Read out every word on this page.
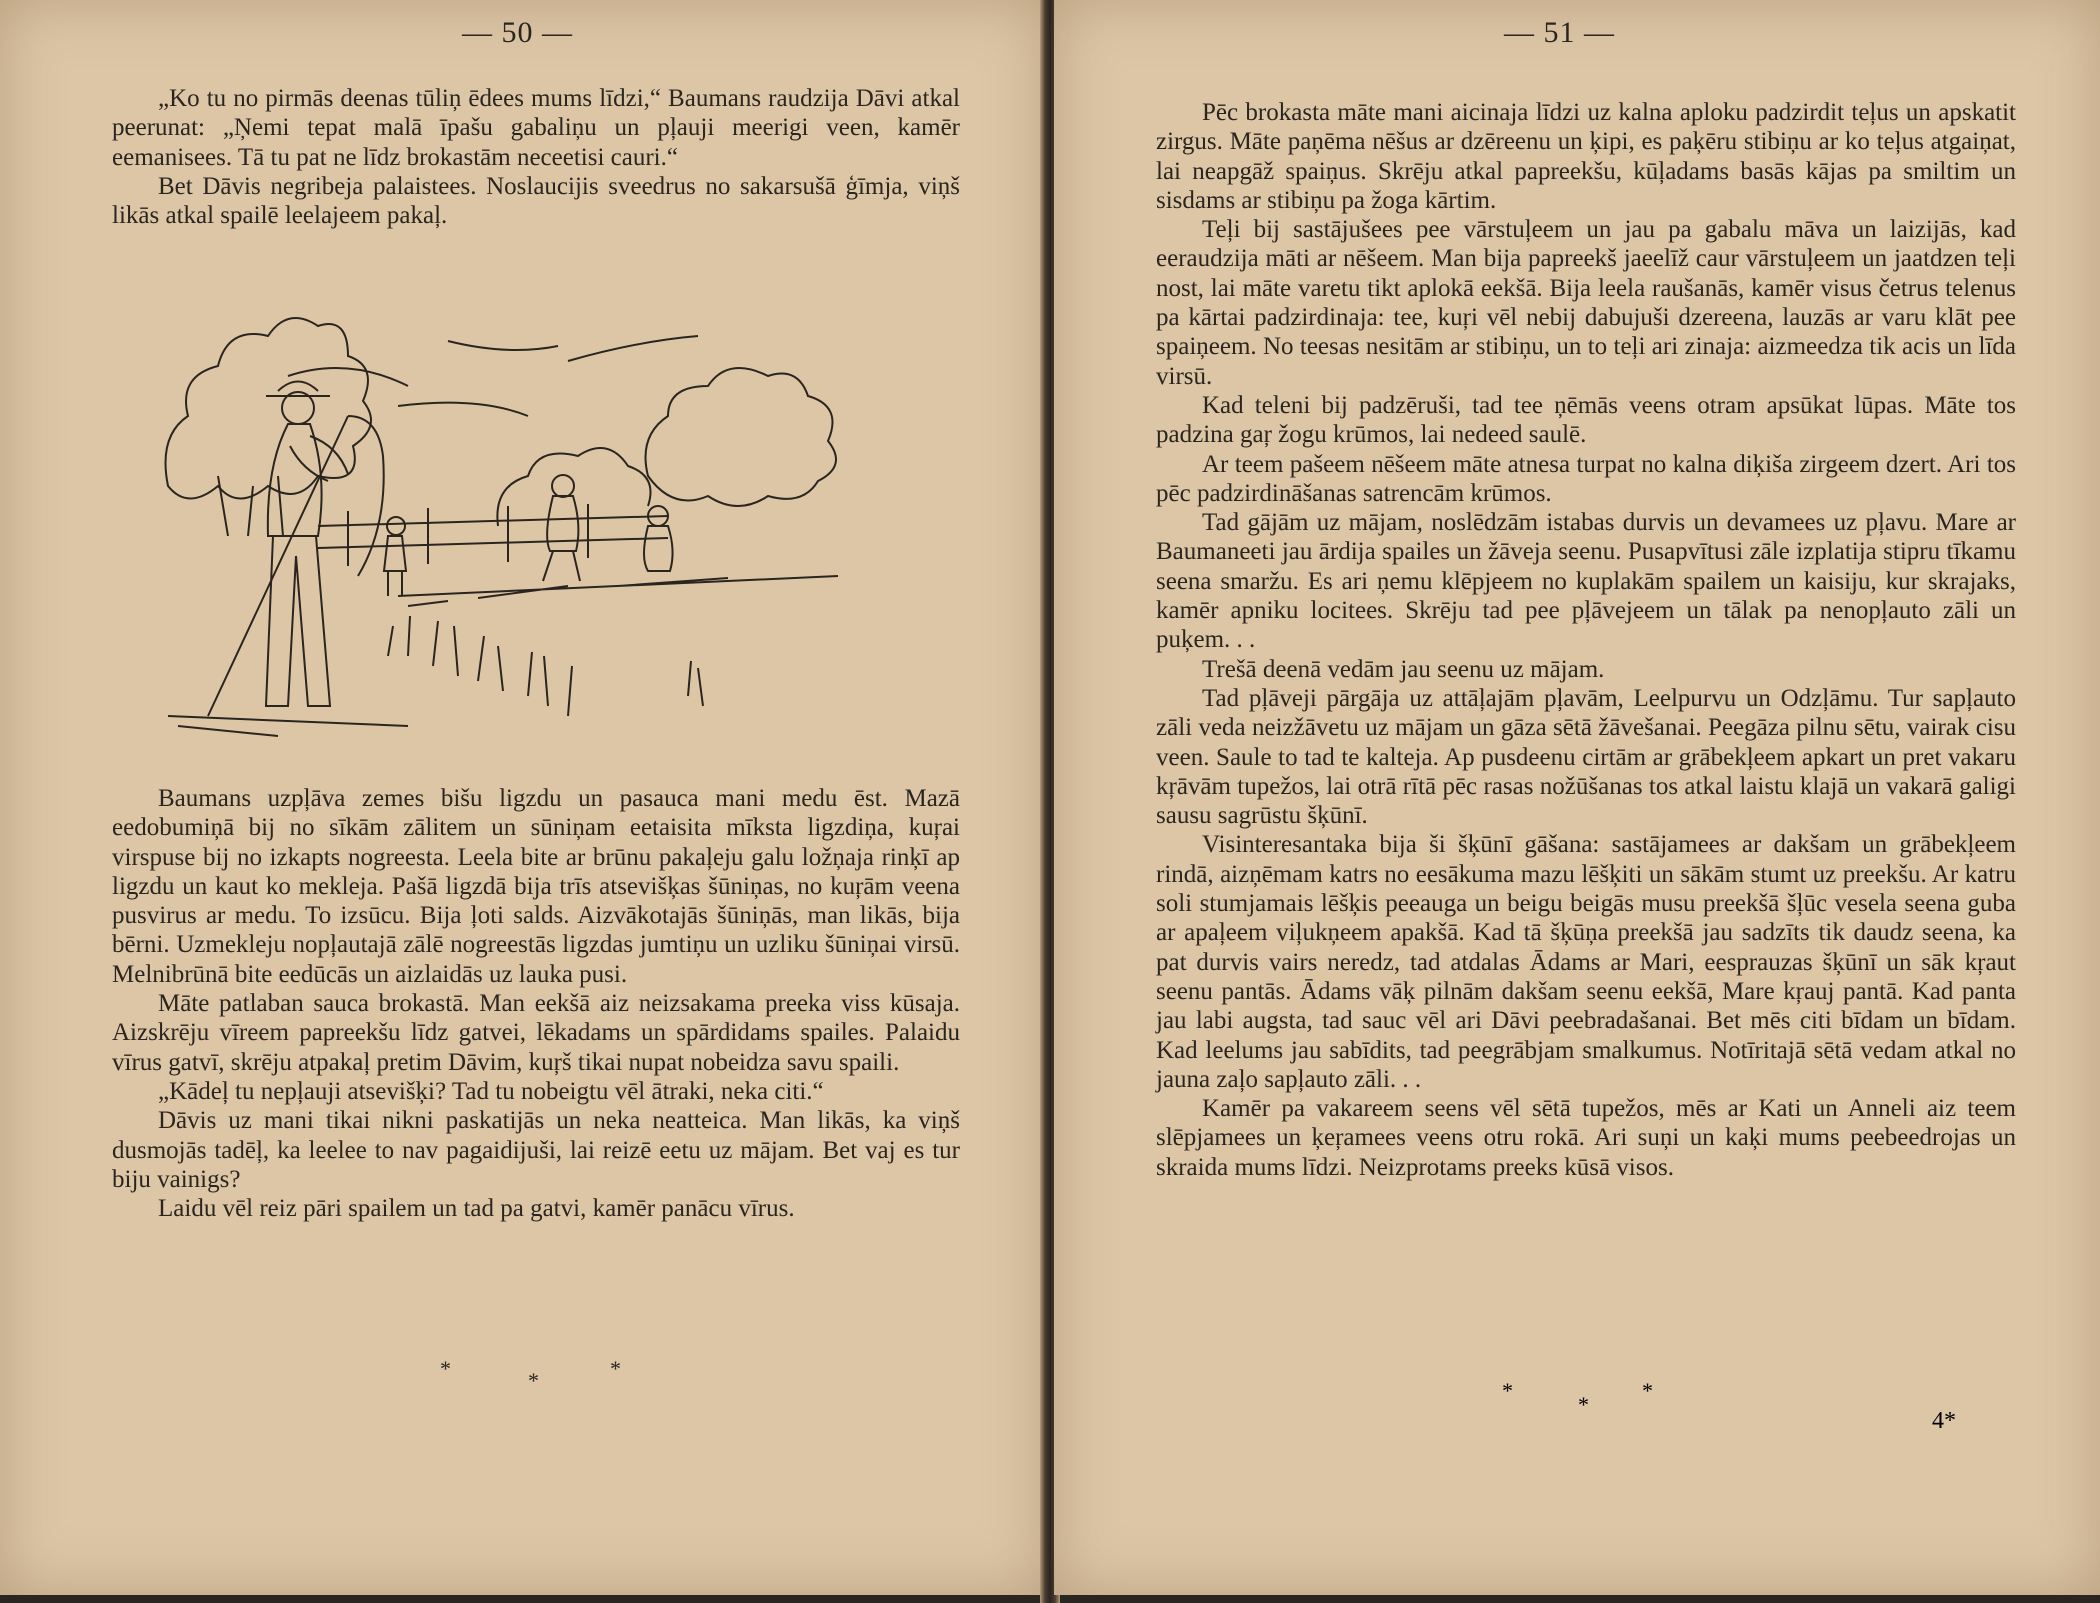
— 50 —

„Ko tu no pirmās deenas tūliņ ēdees mums līdzi,“ Baumans raudzija Dāvi atkal peerunat: „Ņemi tepat malā īpašu gabaliņu un pļauji meerigi veen, kamēr eemanisees. Tā tu pat ne līdz brokastām neceetisi cauri.“

Bet Dāvis negribeja palaistees. Noslaucijis sveedrus no sakarsušā ģīmja, viņš likās atkal spailē leelajeem pakaļ.

Baumans uzpļāva zemes bišu ligzdu un pasauca mani medu ēst. Mazā eedobumiņā bij no sīkām zālitem un sūniņam eetaisita mīksta ligzdiņa, kuŗai virspuse bij no izkapts nogreesta. Leela bite ar brūnu pakaļeju galu ložņaja rinķī ap ligzdu un kaut ko mekleja. Pašā ligzdā bija trīs atsevišķas šūniņas, no kuŗām veena pusvirus ar medu. To izsūcu. Bija ļoti salds. Aizvākotajās šūniņās, man likās, bija bērni. Uzmekleju nopļautajā zālē nogreestās ligzdas jumtiņu un uzliku šūniņai virsū. Melnibrūnā bite eedūcās un aizlaidās uz lauka pusi.

Māte patlaban sauca brokastā. Man eekšā aiz neizsakama preeka viss kūsaja. Aizskrēju vīreem papreekšu līdz gatvei, lēkadams un spārdidams spailes. Palaidu vīrus gatvī, skrēju atpakaļ pretim Dāvim, kuŗš tikai nupat nobeidza savu spaili.

„Kādeļ tu nepļauji atsevišķi? Tad tu nobeigtu vēl ātraki, neka citi.“

Dāvis uz mani tikai nikni paskatijās un neka neatteica. Man likās, ka viņš dusmojās tadēļ, ka leelee to nav pagaidijuši, lai reizē eetu uz mājam. Bet vaj es tur biju vainigs?

Laidu vēl reiz pāri spailem un tad pa gatvi, kamēr panācu vīrus.

*	*	*
— 51 —

Pēc brokasta māte mani aicinaja līdzi uz kalna aploku padzirdit teļus un apskatit zirgus. Māte paņēma nēšus ar dzēreenu un ķipi, es paķēru stibiņu ar ko teļus atgaiņat, lai neapgāž spaiņus. Skrēju atkal papreekšu, kūļadams basās kājas pa smiltim un sisdams ar stibiņu pa žoga kārtim.

Teļi bij sastājušees pee vārstuļeem un jau pa gabalu māva un laizijās, kad eeraudzija māti ar nēšeem. Man bija papreekš jaeelīž caur vārstuļeem un jaatdzen teļi nost, lai māte varetu tikt aplokā eekšā. Bija leela raušanās, kamēr visus četrus telenus pa kārtai padzirdinaja: tee, kuŗi vēl nebij dabujuši dzereena, lauzās ar varu klāt pee spaiņeem. No teesas nesitām ar stibiņu, un to teļi ari zinaja: aizmeedza tik acis un līda virsū.

Kad teleni bij padzēruši, tad tee ņēmās veens otram apsūkat lūpas. Māte tos padzina gaŗ žogu krūmos, lai nedeed saulē.

Ar teem pašeem nēšeem māte atnesa turpat no kalna diķiša zirgeem dzert. Ari tos pēc padzirdināšanas satrencām krūmos.

Tad gājām uz mājam, noslēdzām istabas durvis un devamees uz pļavu. Mare ar Baumaneeti jau ārdija spailes un žāveja seenu. Pusapvītusi zāle izplatija stipru tīkamu seena smaržu. Es ari ņemu klēpjeem no kuplakām spailem un kaisiju, kur skrajaks, kamēr apniku locitees. Skrēju tad pee pļāvejeem un tālak pa nenopļauto zāli un puķem. . .

Trešā deenā vedām jau seenu uz mājam.

Tad pļāveji pārgāja uz attāļajām pļavām, Leelpurvu un Odzļāmu. Tur sapļauto zāli veda neizžāvetu uz mājam un gāza sētā žāvešanai. Peegāza pilnu sētu, vairak cisu veen. Saule to tad te kalteja. Ap pusdeenu cirtām ar grābekļeem apkart un pret vakaru kŗāvām tupežos, lai otrā rītā pēc rasas nožūšanas tos atkal laistu klajā un vakarā galigi sausu sagrūstu šķūnī.

Visinteresantaka bija ši šķūnī gāšana: sastājamees ar dakšam un grābekļeem rindā, aizņēmam katrs no eesākuma mazu lēšķiti un sākām stumt uz preekšu. Ar katru soli stumjamais lēšķis peeauga un beigu beigās musu preekšā šļūc vesela seena guba ar apaļeem viļukņeem apakšā. Kad tā šķūņa preekšā jau sadzīts tik daudz seena, ka pat durvis vairs neredz, tad atdalas Ādams ar Mari, eesprauzas šķūnī un sāk kŗaut seenu pantās. Ādams vāķ pilnām dakšam seenu eekšā, Mare kŗauj pantā. Kad panta jau labi augsta, tad sauc vēl ari Dāvi peebradašanai. Bet mēs citi bīdam un bīdam. Kad leelums jau sabīdits, tad peegrābjam smalkumus. Notīritajā sētā vedam atkal no jauna zaļo sapļauto zāli. . .

Kamēr pa vakareem seens vēl sētā tupežos, mēs ar Kati un Anneli aiz teem slēpjamees un ķeŗamees veens otru rokā. Ari suņi un kaķi mums peebeedrojas un skraida mums līdzi. Neizprotams preeks kūsā visos.

*
*
*
4*
